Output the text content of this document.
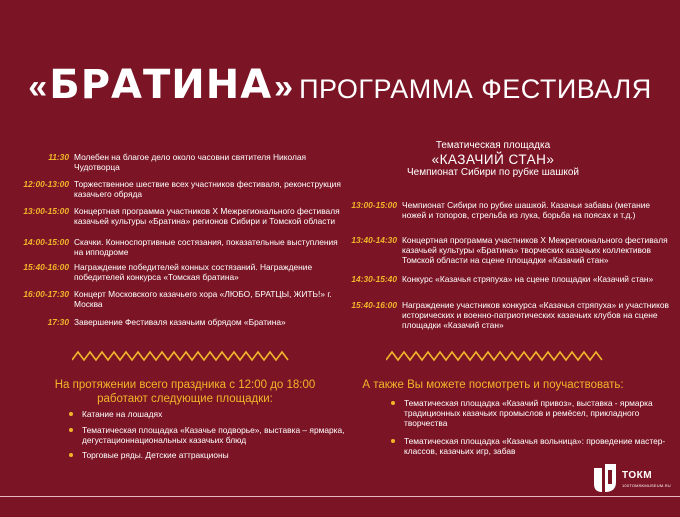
«БРАТИНА» ПРОГРАММА ФЕСТИВАЛЯ
11:30 Молебен на благое дело около часовни святителя Николая Чудотворца
12:00-13:00 Торжественное шествие всех участников фестиваля, реконструкция казачьего обряда
13:00-15:00 Концертная программа участников X Межрегионального фестиваля казачьей культуры «Братина» регионов Сибири и Томской области
14:00-15:00 Скачки. Конноспортивные состязания, показательные выступления на ипподроме
15:40-16:00 Награждение победителей конных состязаний. Награждение победителей конкурса «Томская братина»
16:00-17:30 Концерт Московского казачьего хора «ЛЮБО, БРАТЦЫ, ЖИТЬ!» г. Москва
17:30 Завершение Фестиваля казачьим обрядом «Братина»
Тематическая площадка
«КАЗАЧИЙ СТАН»
Чемпионат Сибири по рубке шашкой
13:00-15:00 Чемпионат Сибири по рубке шашкой. Казачьи забавы (метание ножей и топоров, стрельба из лука, борьба на поясах и т.д.)
13:40-14:30 Концертная программа участников X Межрегионального фестиваля казачьей культуры «Братина» творческих казачьих коллективов Томской области на сцене площадки «Казачий стан»
14:30-15:40 Конкурс «Казачья стряпуха» на сцене площадки «Казачий стан»
15:40-16:00 Награждение участников конкурса «Казачья стряпуха» и участников исторических и военно-патриотических казачьих клубов на сцене площадки «Казачий стан»
На протяжении всего праздника с 12:00 до 18:00
работают следующие площадки:
Катание на лошадях
Тематическая площадка «Казачье подворье», выставка – ярмарка, дегустационнациональных казачьих блюд
Торговые ряды. Детские аттракционы
А также Вы можете посмотреть и поучаствовать:
Тематическая площадка «Казачий привоз», выставка - ярмарка традиционных казачьих промыслов и ремёсел, прикладного творчества
Тематическая площадка «Казачья вольница»: проведение мастер-классов, казачьих игр, забав
ТОКМ
100TOMSKMUSEUM.RU
